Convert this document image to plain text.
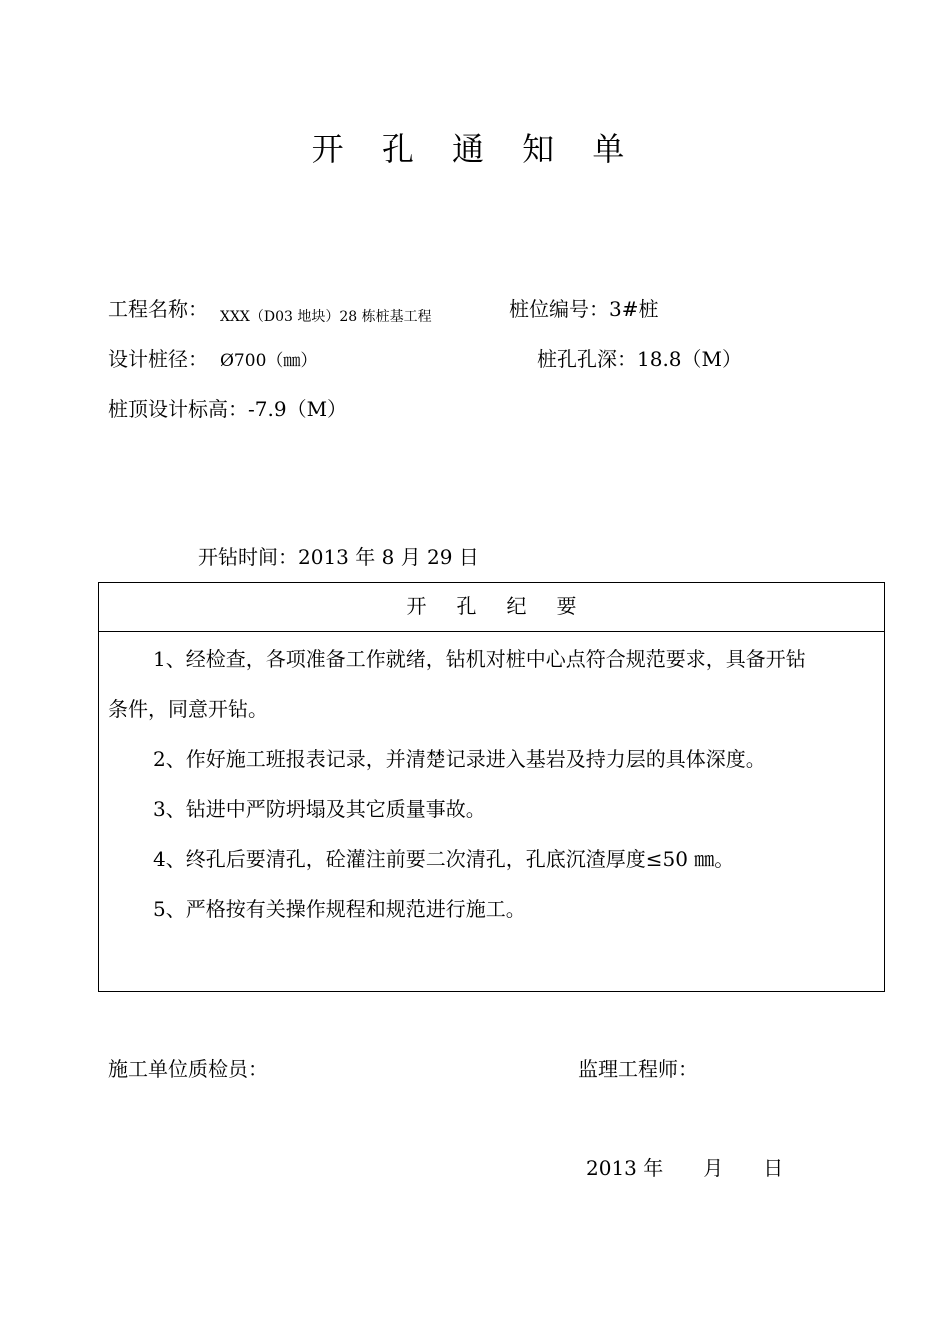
开 孔 通 知 单
工程名称： XXX（D03 地块）28 栋桩基工程	桩位编号： 3#桩
设计桩径： Ø700（㎜）	桩孔孔深： 18.8（M）
桩顶设计标高： -7.9（M）
开钻时间： 2013 年 8 月 29 日
开孔纪要
1、经检查，各项准备工作就绪，钻机对桩中心点符合规范要求，具备开钻
条件，同意开钻。
2、作好施工班报表记录，并清楚记录进入基岩及持力层的具体深度。
3、钻进中严防坍塌及其它质量事故。
4、终孔后要清孔，砼灌注前要二次清孔，孔底沉渣厚度≤50 ㎜。
5、严格按有关操作规程和规范进行施工。
施工单位质检员：	监理工程师：
2013 年　　月　　日
